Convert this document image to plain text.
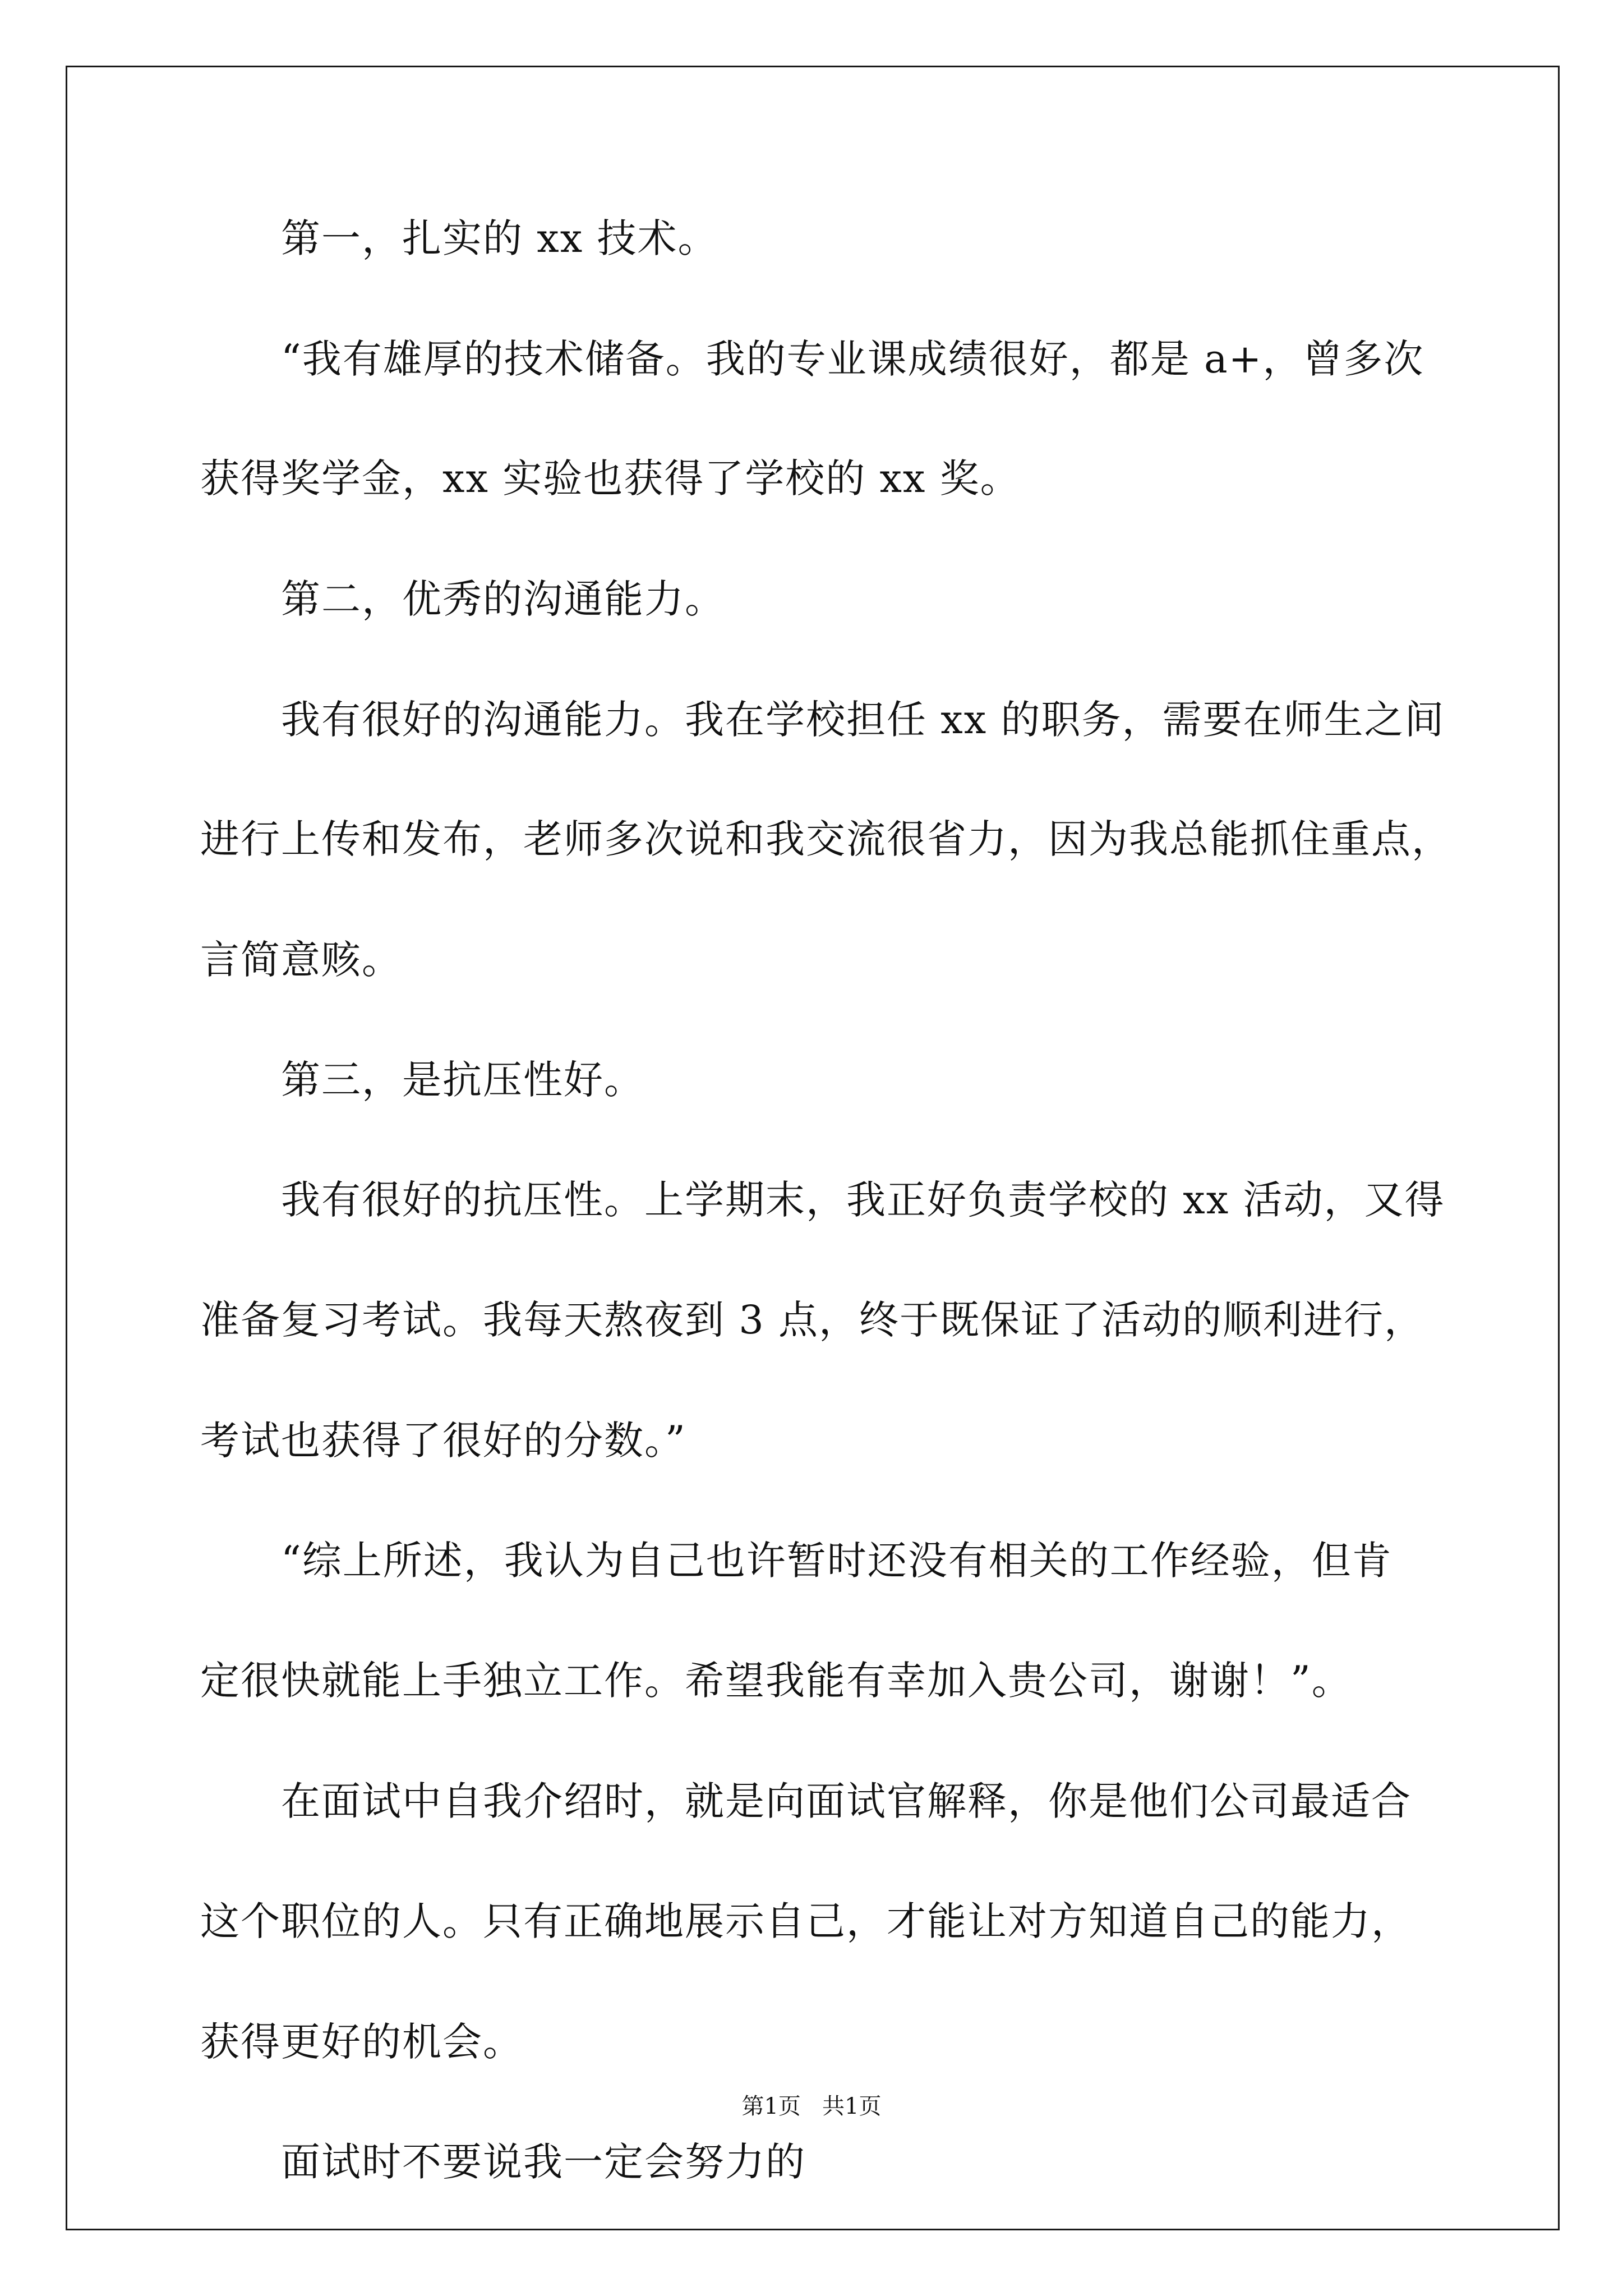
第一，扎实的 xx 技术。
“我有雄厚的技术储备。我的专业课成绩很好，都是 a+，曾多次
获得奖学金，xx 实验也获得了学校的 xx 奖。
第二，优秀的沟通能力。
我有很好的沟通能力。我在学校担任 xx 的职务，需要在师生之间
进行上传和发布，老师多次说和我交流很省力，因为我总能抓住重点，
言简意赅。
第三，是抗压性好。
我有很好的抗压性。上学期末，我正好负责学校的 xx 活动，又得
准备复习考试。我每天熬夜到 3 点，终于既保证了活动的顺利进行，
考试也获得了很好的分数。”
“综上所述，我认为自己也许暂时还没有相关的工作经验，但肯
定很快就能上手独立工作。希望我能有幸加入贵公司，谢谢！”。
在面试中自我介绍时，就是向面试官解释，你是他们公司最适合
这个职位的人。只有正确地展示自己，才能让对方知道自己的能力，
获得更好的机会。
面试时不要说我一定会努力的
第1页   共1页
